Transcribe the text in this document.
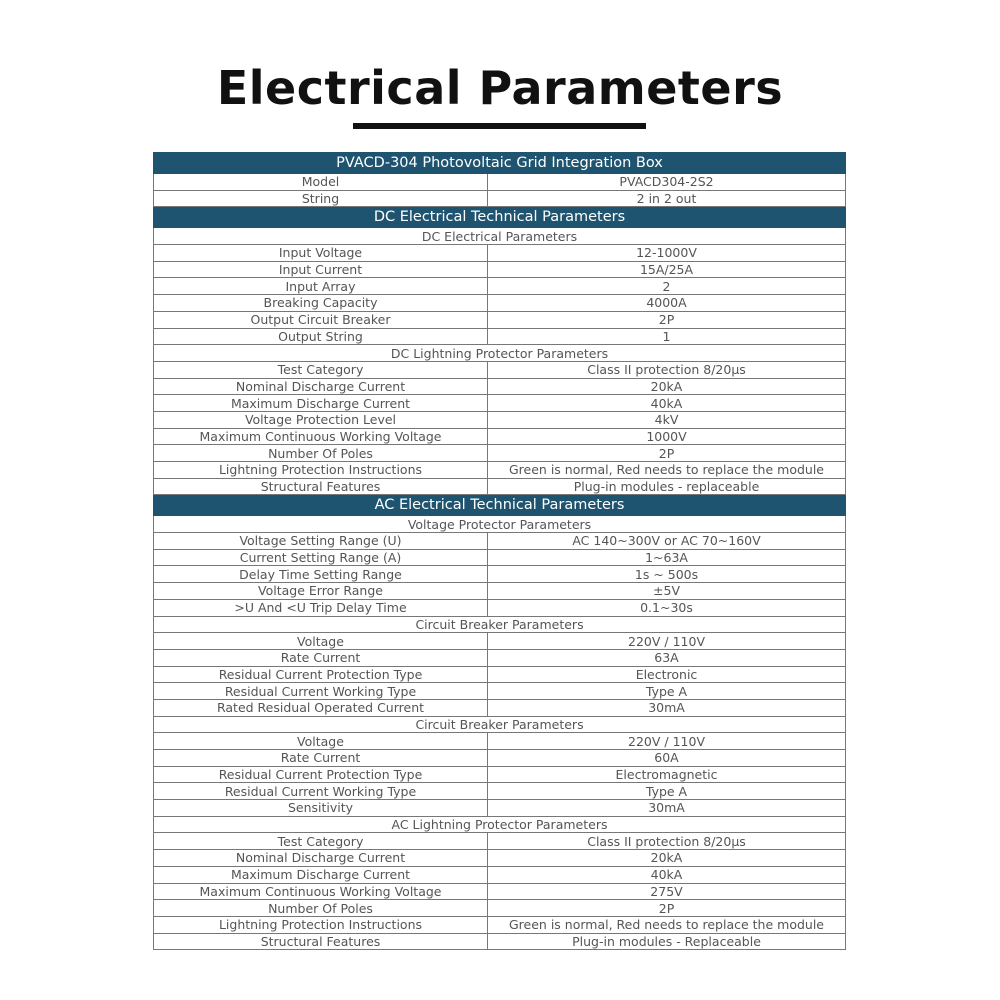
Electrical Parameters
PVACD-304 Photovoltaic Grid Integration Box	
Model	PVACD304-2S2
String	2 in 2 out
DC Electrical Technical Parameters	
DC Electrical Parameters	
Input Voltage	12-1000V
Input Current	15A/25A
Input Array	2
Breaking Capacity	4000A
Output Circuit Breaker	2P
Output String	1
DC Lightning Protector Parameters	
Test Category	Class II protection 8/20µs
Nominal Discharge Current	20kA
Maximum Discharge Current	40kA
Voltage Protection Level	4kV
Maximum Continuous Working Voltage	1000V
Number Of Poles	2P
Lightning Protection Instructions	Green is normal, Red needs to replace the module
Structural Features	Plug-in modules - replaceable
AC Electrical Technical Parameters	
Voltage Protector Parameters	
Voltage Setting Range (U)	AC 140~300V or AC 70~160V
Current Setting Range (A)	1~63A
Delay Time Setting Range	1s ~ 500s
Voltage Error Range	±5V
>U And <U Trip Delay Time	0.1~30s
Circuit Breaker Parameters	
Voltage	220V / 110V
Rate Current	63A
Residual Current Protection Type	Electronic
Residual Current Working Type	Type A
Rated Residual Operated Current	30mA
Circuit Breaker Parameters	
Voltage	220V / 110V
Rate Current	60A
Residual Current Protection Type	Electromagnetic
Residual Current Working Type	Type A
Sensitivity	30mA
AC Lightning Protector Parameters	
Test Category	Class II protection 8/20µs
Nominal Discharge Current	20kA
Maximum Discharge Current	40kA
Maximum Continuous Working Voltage	275V
Number Of Poles	2P
Lightning Protection Instructions	Green is normal, Red needs to replace the module
Structural Features	Plug-in modules - Replaceable
